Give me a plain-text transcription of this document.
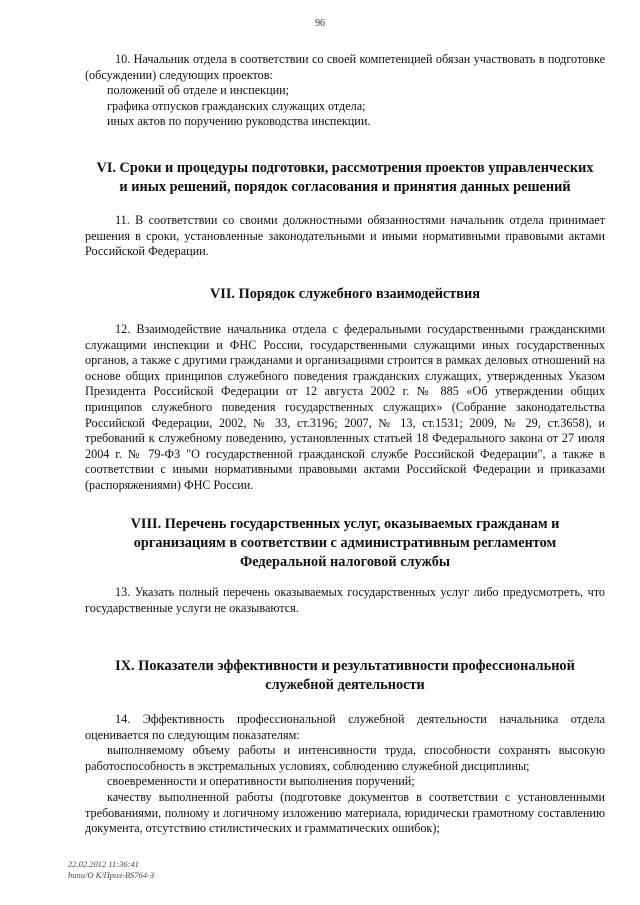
96

10. Начальник отдела в соответствии со своей компетенцией обязан участвовать в подготовке (обсуждении) следующих проектов:

положений об отделе и инспекции;

графика отпусков гражданских служащих отдела;

иных актов по поручению руководства инспекции.

VI. Сроки и процедуры подготовки, рассмотрения проектов управленческих
и иных решений, порядок согласования и принятия данных решений

11. В соответствии со своими должностными обязанностями начальник отдела принимает решения в сроки, установленные законодательными и иными нормативными правовыми актами Российской Федерации.

VII. Порядок служебного взаимодействия

12. Взаимодействие начальника отдела с федеральными государственными гражданскими служащими инспекции и ФНС России, государственными служащими иных государственных органов, а также с другими гражданами и организациями строится в рамках деловых отношений на основе общих принципов служебного поведения гражданских служащих, утвержденных Указом Президента Российской Федерации от 12 августа 2002 г. № 885 «Об утверждении общих принципов служебного поведения государственных служащих» (Собрание законодательства Российской Федерации, 2002, № 33, ст.3196; 2007, № 13, ст.1531; 2009, № 29, ст.3658), и требований к служебному поведению, установленных статьей 18 Федерального закона от 27 июля 2004 г. № 79-ФЗ "О государственной гражданской службе Российской Федерации", а также в соответствии с иными нормативными правовыми актами Российской Федерации и приказами (распоряжениями) ФНС России.

VIII. Перечень государственных услуг, оказываемых гражданам и
организациям в соответствии с административным регламентом
Федеральной налоговой службы

13. Указать полный перечень оказываемых государственных услуг либо предусмотреть, что государственные услуги не оказываются.

IX. Показатели эффективности и результативности профессиональной
служебной деятельности

14. Эффективность профессиональной служебной деятельности начальника отдела оценивается по следующим показателям:

выполняемому объему работы и интенсивности труда, способности сохранять высокую работоспособность в экстремальных условиях, соблюдению служебной дисциплины;

своевременности и оперативности выполнения поручений;

качеству выполненной работы (подготовке документов в соответствии с установленными требованиями, полному и логичному изложению материала, юридически грамотному составлению документа, отсутствию стилистических и грамматических ошибок);

22.02.2012 11:36:41
bunu/O K/Прил-BS764-3
